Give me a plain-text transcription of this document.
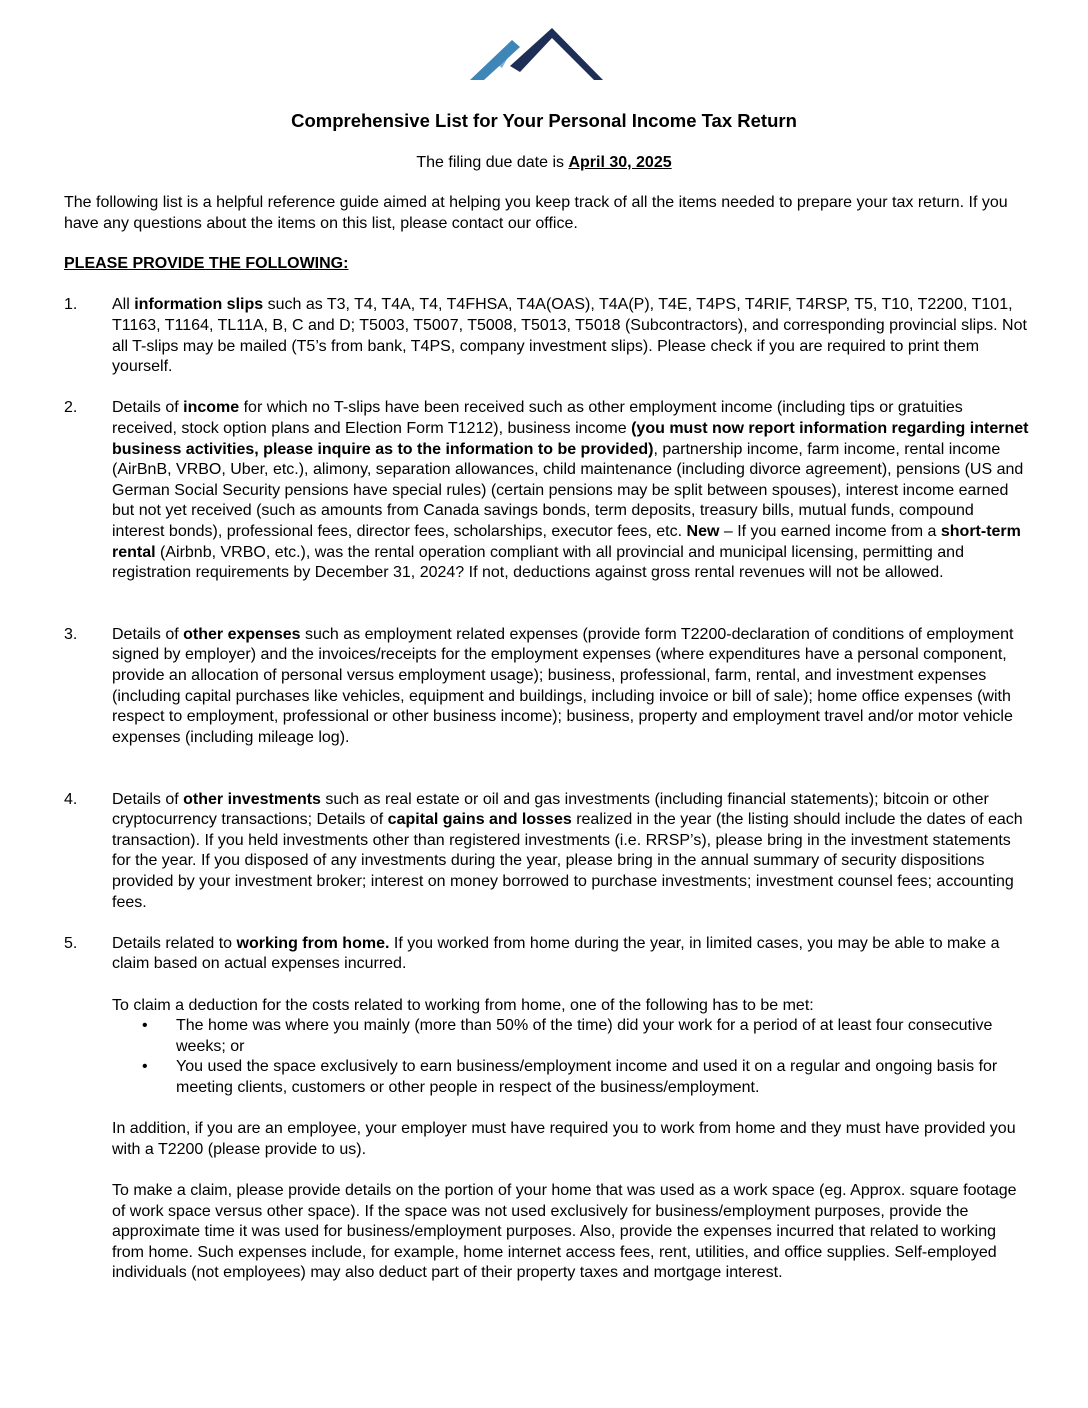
Comprehensive List for Your Personal Income Tax Return
The filing due date is April 30, 2025

The following list is a helpful reference guide aimed at helping you keep track of all the items needed to prepare your tax return. If you have any questions about the items on this list, please contact our office.

PLEASE PROVIDE THE FOLLOWING:

1. All information slips such as T3, T4, T4A, T4, T4FHSA, T4A(OAS), T4A(P), T4E, T4PS, T4RIF, T4RSP, T5, T10, T2200, T101, T1163, T1164, TL11A, B, C and D; T5003, T5007, T5008, T5013, T5018 (Subcontractors), and corresponding provincial slips. Not all T-slips may be mailed (T5’s from bank, T4PS, company investment slips). Please check if you are required to print them yourself.

2. Details of income for which no T-slips have been received such as other employment income (including tips or gratuities received, stock option plans and Election Form T1212), business income (you must now report information regarding internet business activities, please inquire as to the information to be provided), partnership income, farm income, rental income (AirBnB, VRBO, Uber, etc.), alimony, separation allowances, child maintenance (including divorce agreement), pensions (US and German Social Security pensions have special rules) (certain pensions may be split between spouses), interest income earned but not yet received (such as amounts from Canada savings bonds, term deposits, treasury bills, mutual funds, compound interest bonds), professional fees, director fees, scholarships, executor fees, etc. New – If you earned income from a short-term rental (Airbnb, VRBO, etc.), was the rental operation compliant with all provincial and municipal licensing, permitting and registration requirements by December 31, 2024? If not, deductions against gross rental revenues will not be allowed.

3. Details of other expenses such as employment related expenses (provide form T2200-declaration of conditions of employment signed by employer) and the invoices/receipts for the employment expenses (where expenditures have a personal component, provide an allocation of personal versus employment usage); business, professional, farm, rental, and investment expenses (including capital purchases like vehicles, equipment and buildings, including invoice or bill of sale); home office expenses (with respect to employment, professional or other business income); business, property and employment travel and/or motor vehicle expenses (including mileage log).

4. Details of other investments such as real estate or oil and gas investments (including financial statements); bitcoin or other cryptocurrency transactions; Details of capital gains and losses realized in the year (the listing should include the dates of each transaction). If you held investments other than registered investments (i.e. RRSP’s), please bring in the investment statements for the year. If you disposed of any investments during the year, please bring in the annual summary of security dispositions provided by your investment broker; interest on money borrowed to purchase investments; investment counsel fees; accounting fees.

5. Details related to working from home. If you worked from home during the year, in limited cases, you may be able to make a claim based on actual expenses incurred.

To claim a deduction for the costs related to working from home, one of the following has to be met:

• The home was where you mainly (more than 50% of the time) did your work for a period of at least four consecutive weeks; or
• You used the space exclusively to earn business/employment income and used it on a regular and ongoing basis for meeting clients, customers or other people in respect of the business/employment.

In addition, if you are an employee, your employer must have required you to work from home and they must have provided you with a T2200 (please provide to us).

To make a claim, please provide details on the portion of your home that was used as a work space (eg. Approx. square footage of work space versus other space). If the space was not used exclusively for business/employment purposes, provide the approximate time it was used for business/employment purposes. Also, provide the expenses incurred that related to working from home. Such expenses include, for example, home internet access fees, rent, utilities, and office supplies. Self-employed individuals (not employees) may also deduct part of their property taxes and mortgage interest.
